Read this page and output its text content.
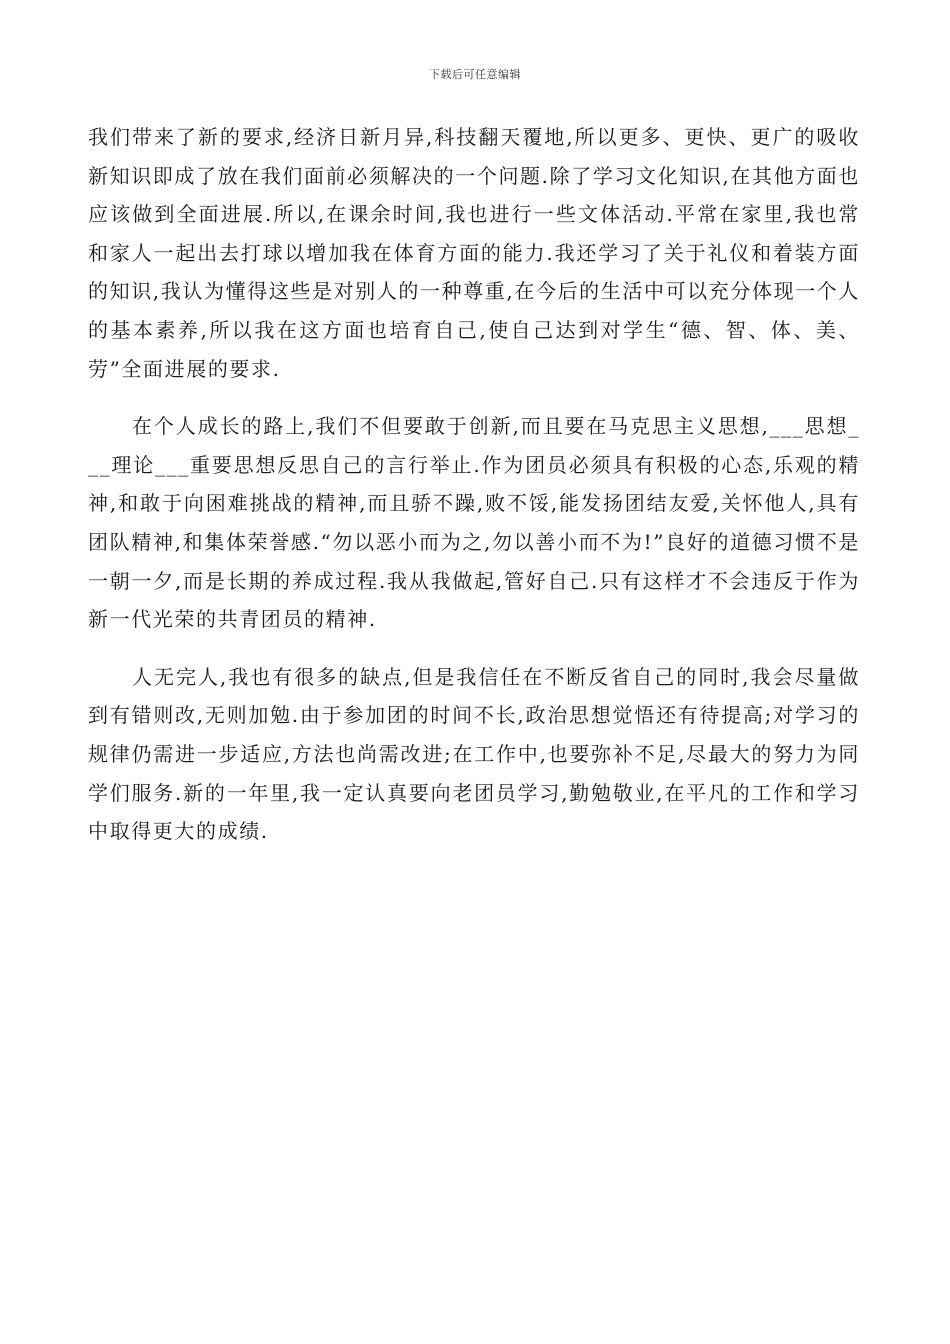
下载后可任意编辑

我们带来了新的要求,经济日新月异,科技翻天覆地,所以更多、更快、更广的吸收新知识即成了放在我们面前必须解决的一个问题.除了学习文化知识,在其他方面也应该做到全面进展.所以,在课余时间,我也进行一些文体活动.平常在家里,我也常和家人一起出去打球以增加我在体育方面的能力.我还学习了关于礼仪和着装方面的知识,我认为懂得这些是对别人的一种尊重,在今后的生活中可以充分体现一个人的基本素养,所以我在这方面也培育自己,使自己达到对学生“德、智、体、美、劳”全面进展的要求.

在个人成长的路上,我们不但要敢于创新,而且要在马克思主义思想,___思想___理论___重要思想反思自己的言行举止.作为团员必须具有积极的心态,乐观的精神,和敢于向困难挑战的精神,而且骄不躁,败不馁,能发扬团结友爱,关怀他人,具有团队精神,和集体荣誉感.“勿以恶小而为之,勿以善小而不为!”良好的道德习惯不是一朝一夕,而是长期的养成过程.我从我做起,管好自己.只有这样才不会违反于作为新一代光荣的共青团员的精神.

人无完人,我也有很多的缺点,但是我信任在不断反省自己的同时,我会尽量做到有错则改,无则加勉.由于参加团的时间不长,政治思想觉悟还有待提高;对学习的规律仍需进一步适应,方法也尚需改进;在工作中,也要弥补不足,尽最大的努力为同学们服务.新的一年里,我一定认真要向老团员学习,勤勉敬业,在平凡的工作和学习中取得更大的成绩.
